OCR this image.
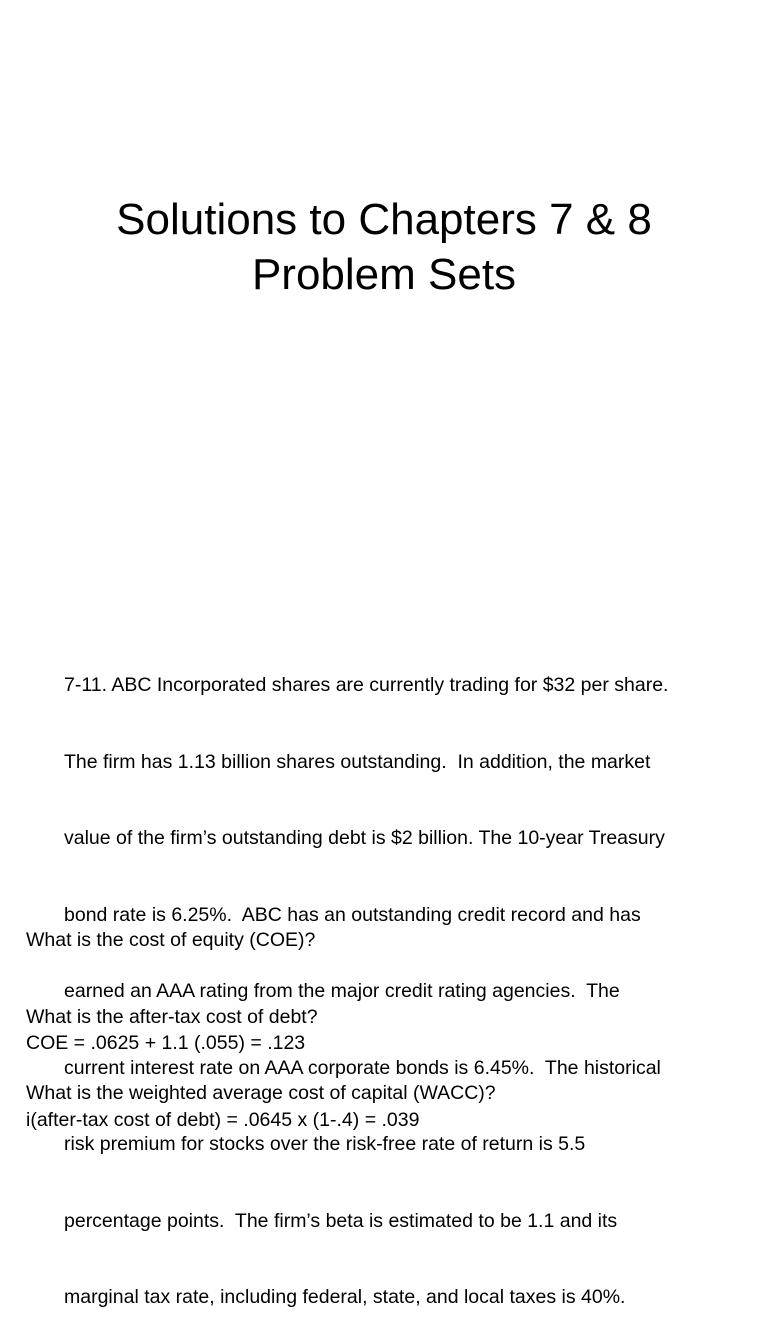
Solutions to Chapters 7 & 8
Problem Sets

7-11. ABC Incorporated shares are currently trading for $32 per share.

The firm has 1.13 billion shares outstanding.  In addition, the market

value of the firm’s outstanding debt is $2 billion. The 10-year Treasury

bond rate is 6.25%.  ABC has an outstanding credit record and has

earned an AAA rating from the major credit rating agencies.  The

current interest rate on AAA corporate bonds is 6.45%.  The historical

risk premium for stocks over the risk-free rate of return is 5.5

percentage points.  The firm’s beta is estimated to be 1.1 and its

marginal tax rate, including federal, state, and local taxes is 40%.

What is the cost of equity (COE)?

What is the after-tax cost of debt?

What is the weighted average cost of capital (WACC)?

COE = .0625 + 1.1 (.055) = .123

i(after-tax cost of debt) = .0645 x (1-.4) = .039
